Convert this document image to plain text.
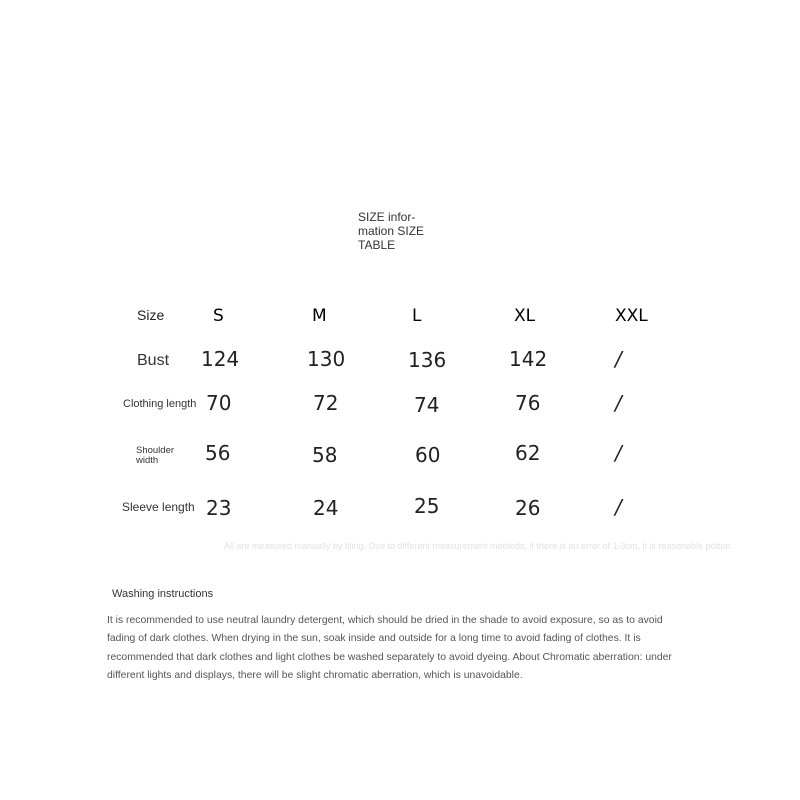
SIZE infor-
mation SIZE
TABLE
Size	S	M	L	XL	XXL
Bust 124	130	136	142	/
Clothing length 70	72	74	76	/
Shoulder
width	56	58	60	62	/
Sleeve length 23	24	25	26	/
All are measured manually by tiling. Due to different measurement methods, if there is an error of 1-3cm, it is reasonable potton.
Washing instructions
It is recommended to use neutral laundry detergent, which should be dried in the shade to avoid exposure, so as to avoid fading of dark clothes. When drying in the sun, soak inside and outside for a long time to avoid fading of clothes. It is recommended that dark clothes and light clothes be washed separately to avoid dyeing. About Chromatic aberration: under different lights and displays, there will be slight chromatic aberration, which is unavoidable.
